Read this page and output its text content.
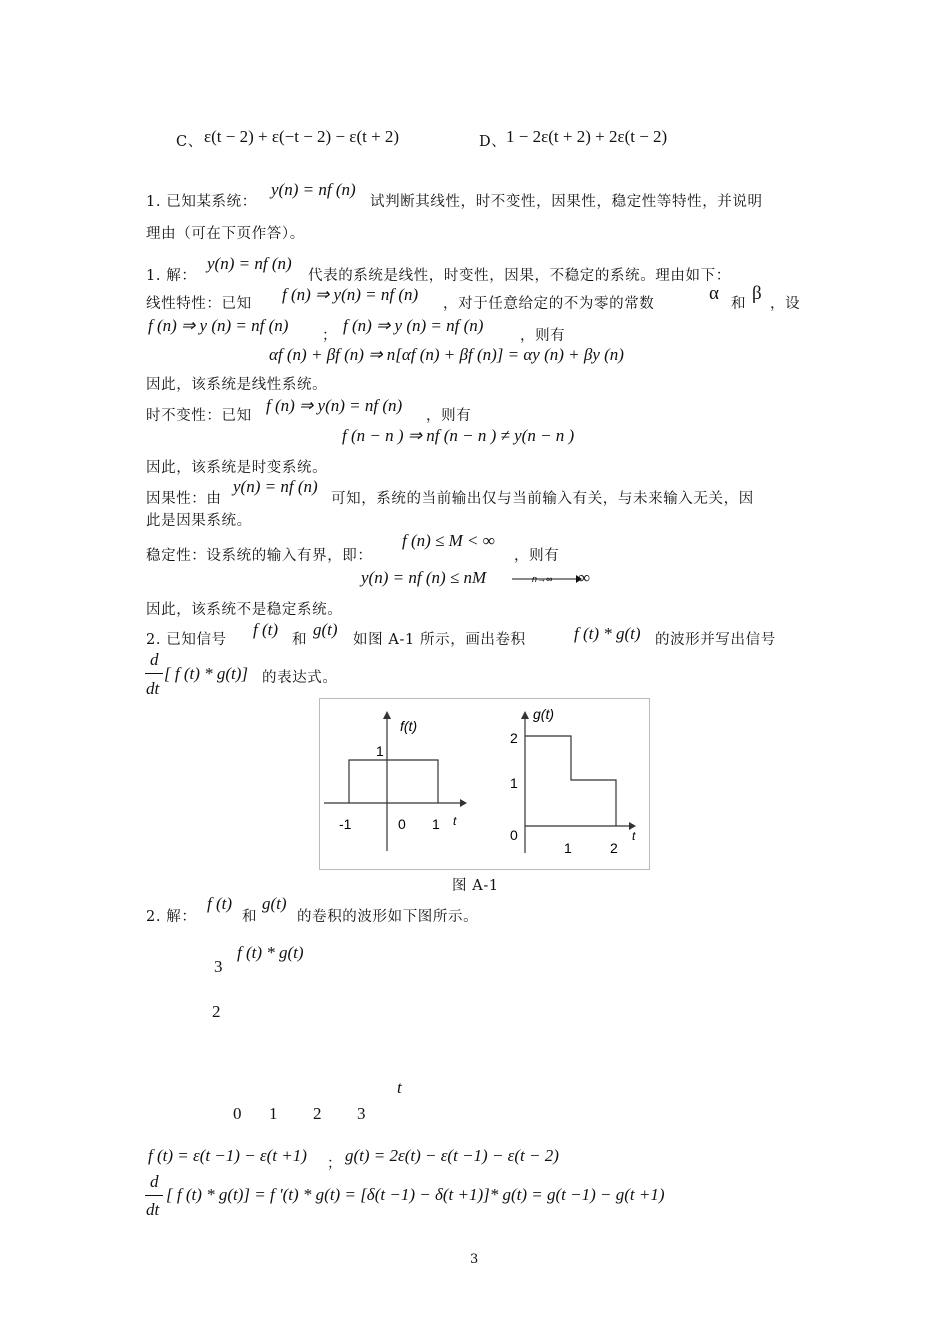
C、 ε(t − 2) + ε(−t − 2) − ε(t + 2)	D、 1 − 2ε(t + 2) + 2ε(t − 2)
1. 已知某系统：
y(n) = nf (n)
试判断其线性，时不变性，因果性，稳定性等特性，并说明
理由（可在下页作答）。
1. 解：
y(n) = nf (n)
代表的系统是线性，时变性，因果，不稳定的系统。理由如下：
线性特性：已知 f (n) ⇒ y(n) = nf (n) ，对于任意给定的不为零的常数	α 和 β ，设
f (n) ⇒ y (n) = nf (n)
；
f (n) ⇒ y (n) = nf (n)
，则有
αf (n) + βf (n) ⇒ n[αf (n) + βf (n)] = αy (n) + βy (n)
因此，该系统是线性系统。
时不变性：已知
f (n) ⇒ y(n) = nf (n)
，则有
f (n − n ) ⇒ nf (n − n ) ≠ y(n − n )
因此，该系统是时变系统。
因果性：由
y(n) = nf (n)
可知，系统的当前输出仅与当前输入有关，与未来输入无关，因
此是因果系统。
稳定性：设系统的输入有界，即：
f (n) ≤ M < ∞
，则有
y(n) = nf (n) ≤ nM	n→∞ ∞
因此，该系统不是稳定系统。
2. 已知信号
f (t)
和
g(t)
如图 A-1 所示，画出卷积	f (t) * g(t) 的波形并写出信号
d
dt
[ f (t) * g(t)] 的表达式。
f(t)
1
-1	0 1 t
g(t)
2
1
0
1	2
t
图 A-1
2. 解：
f (t)
和
g(t)
的卷积的波形如下图所示。
f (t) * g(t)
3
2
t
0 1 2 3
f (t) = ε(t −1) − ε(t +1) ； g(t) = 2ε(t) − ε(t −1) − ε(t − 2)
d
dt
[ f (t) * g(t)] = f '(t) * g(t) = [δ(t −1) − δ(t +1)]* g(t) = g(t −1) − g(t +1)
3
